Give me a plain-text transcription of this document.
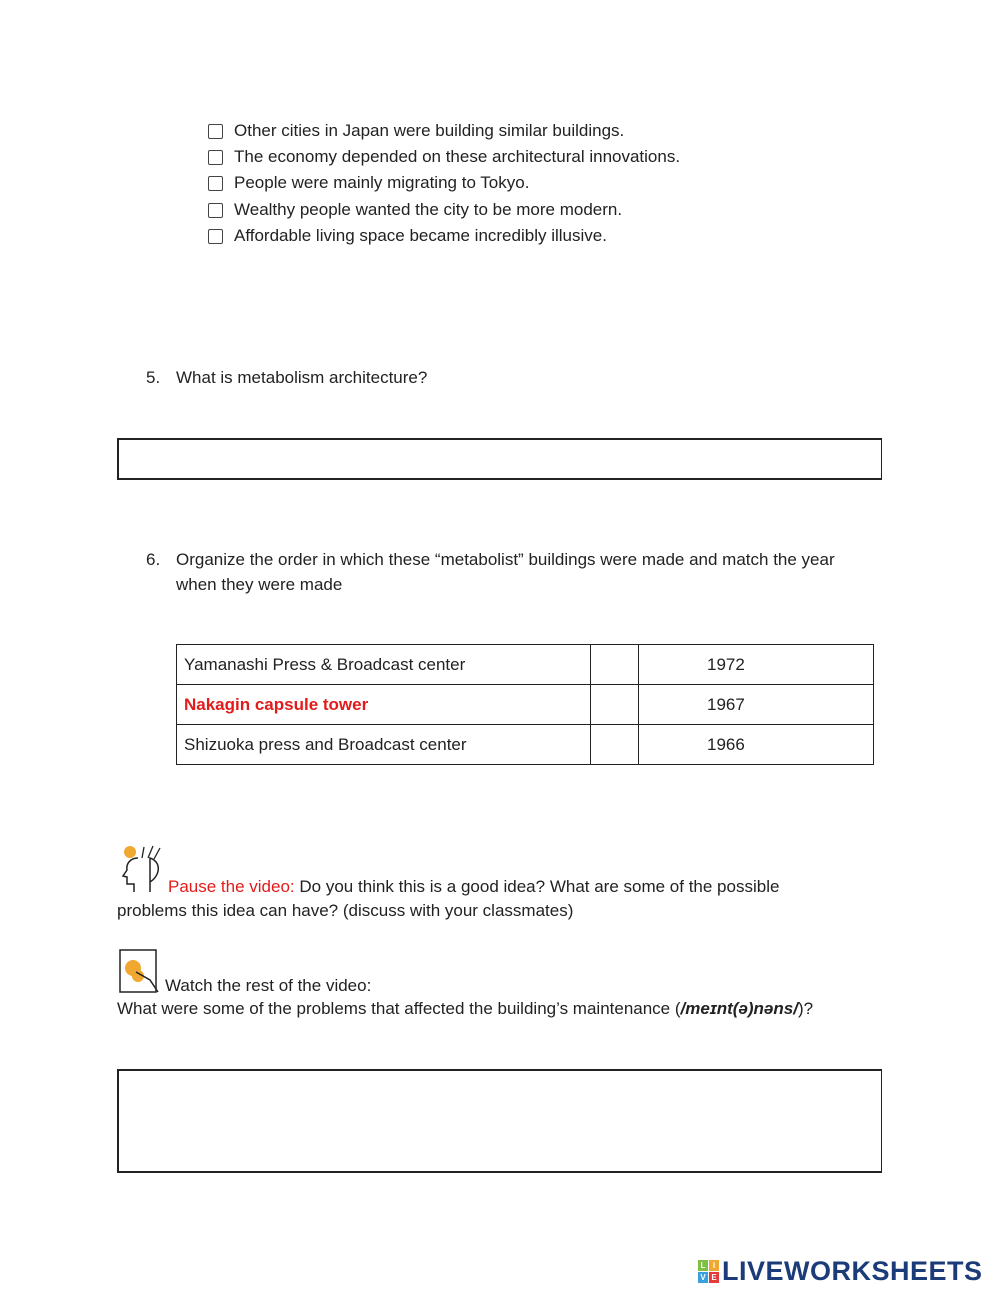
Other cities in Japan were building similar buildings.
The economy depended on these architectural innovations.
People were mainly migrating to Tokyo.
Wealthy people wanted the city to be more modern.
Affordable living space became incredibly illusive.
5. What is metabolism architecture?
6. Organize the order in which these “metabolist” buildings were made and match the year
when they were made
Yamanashi Press & Broadcast center		1972
Nakagin capsule tower		1967
Shizuoka press and Broadcast center		1966
Pause the video: Do you think this is a good idea? What are some of the possible
problems this idea can have? (discuss with your classmates)
Watch the rest of the video:
What were some of the problems that affected the building’s maintenance (/meɪnt(ə)nəns/)?
L I
V E LIVEWORKSHEETS
